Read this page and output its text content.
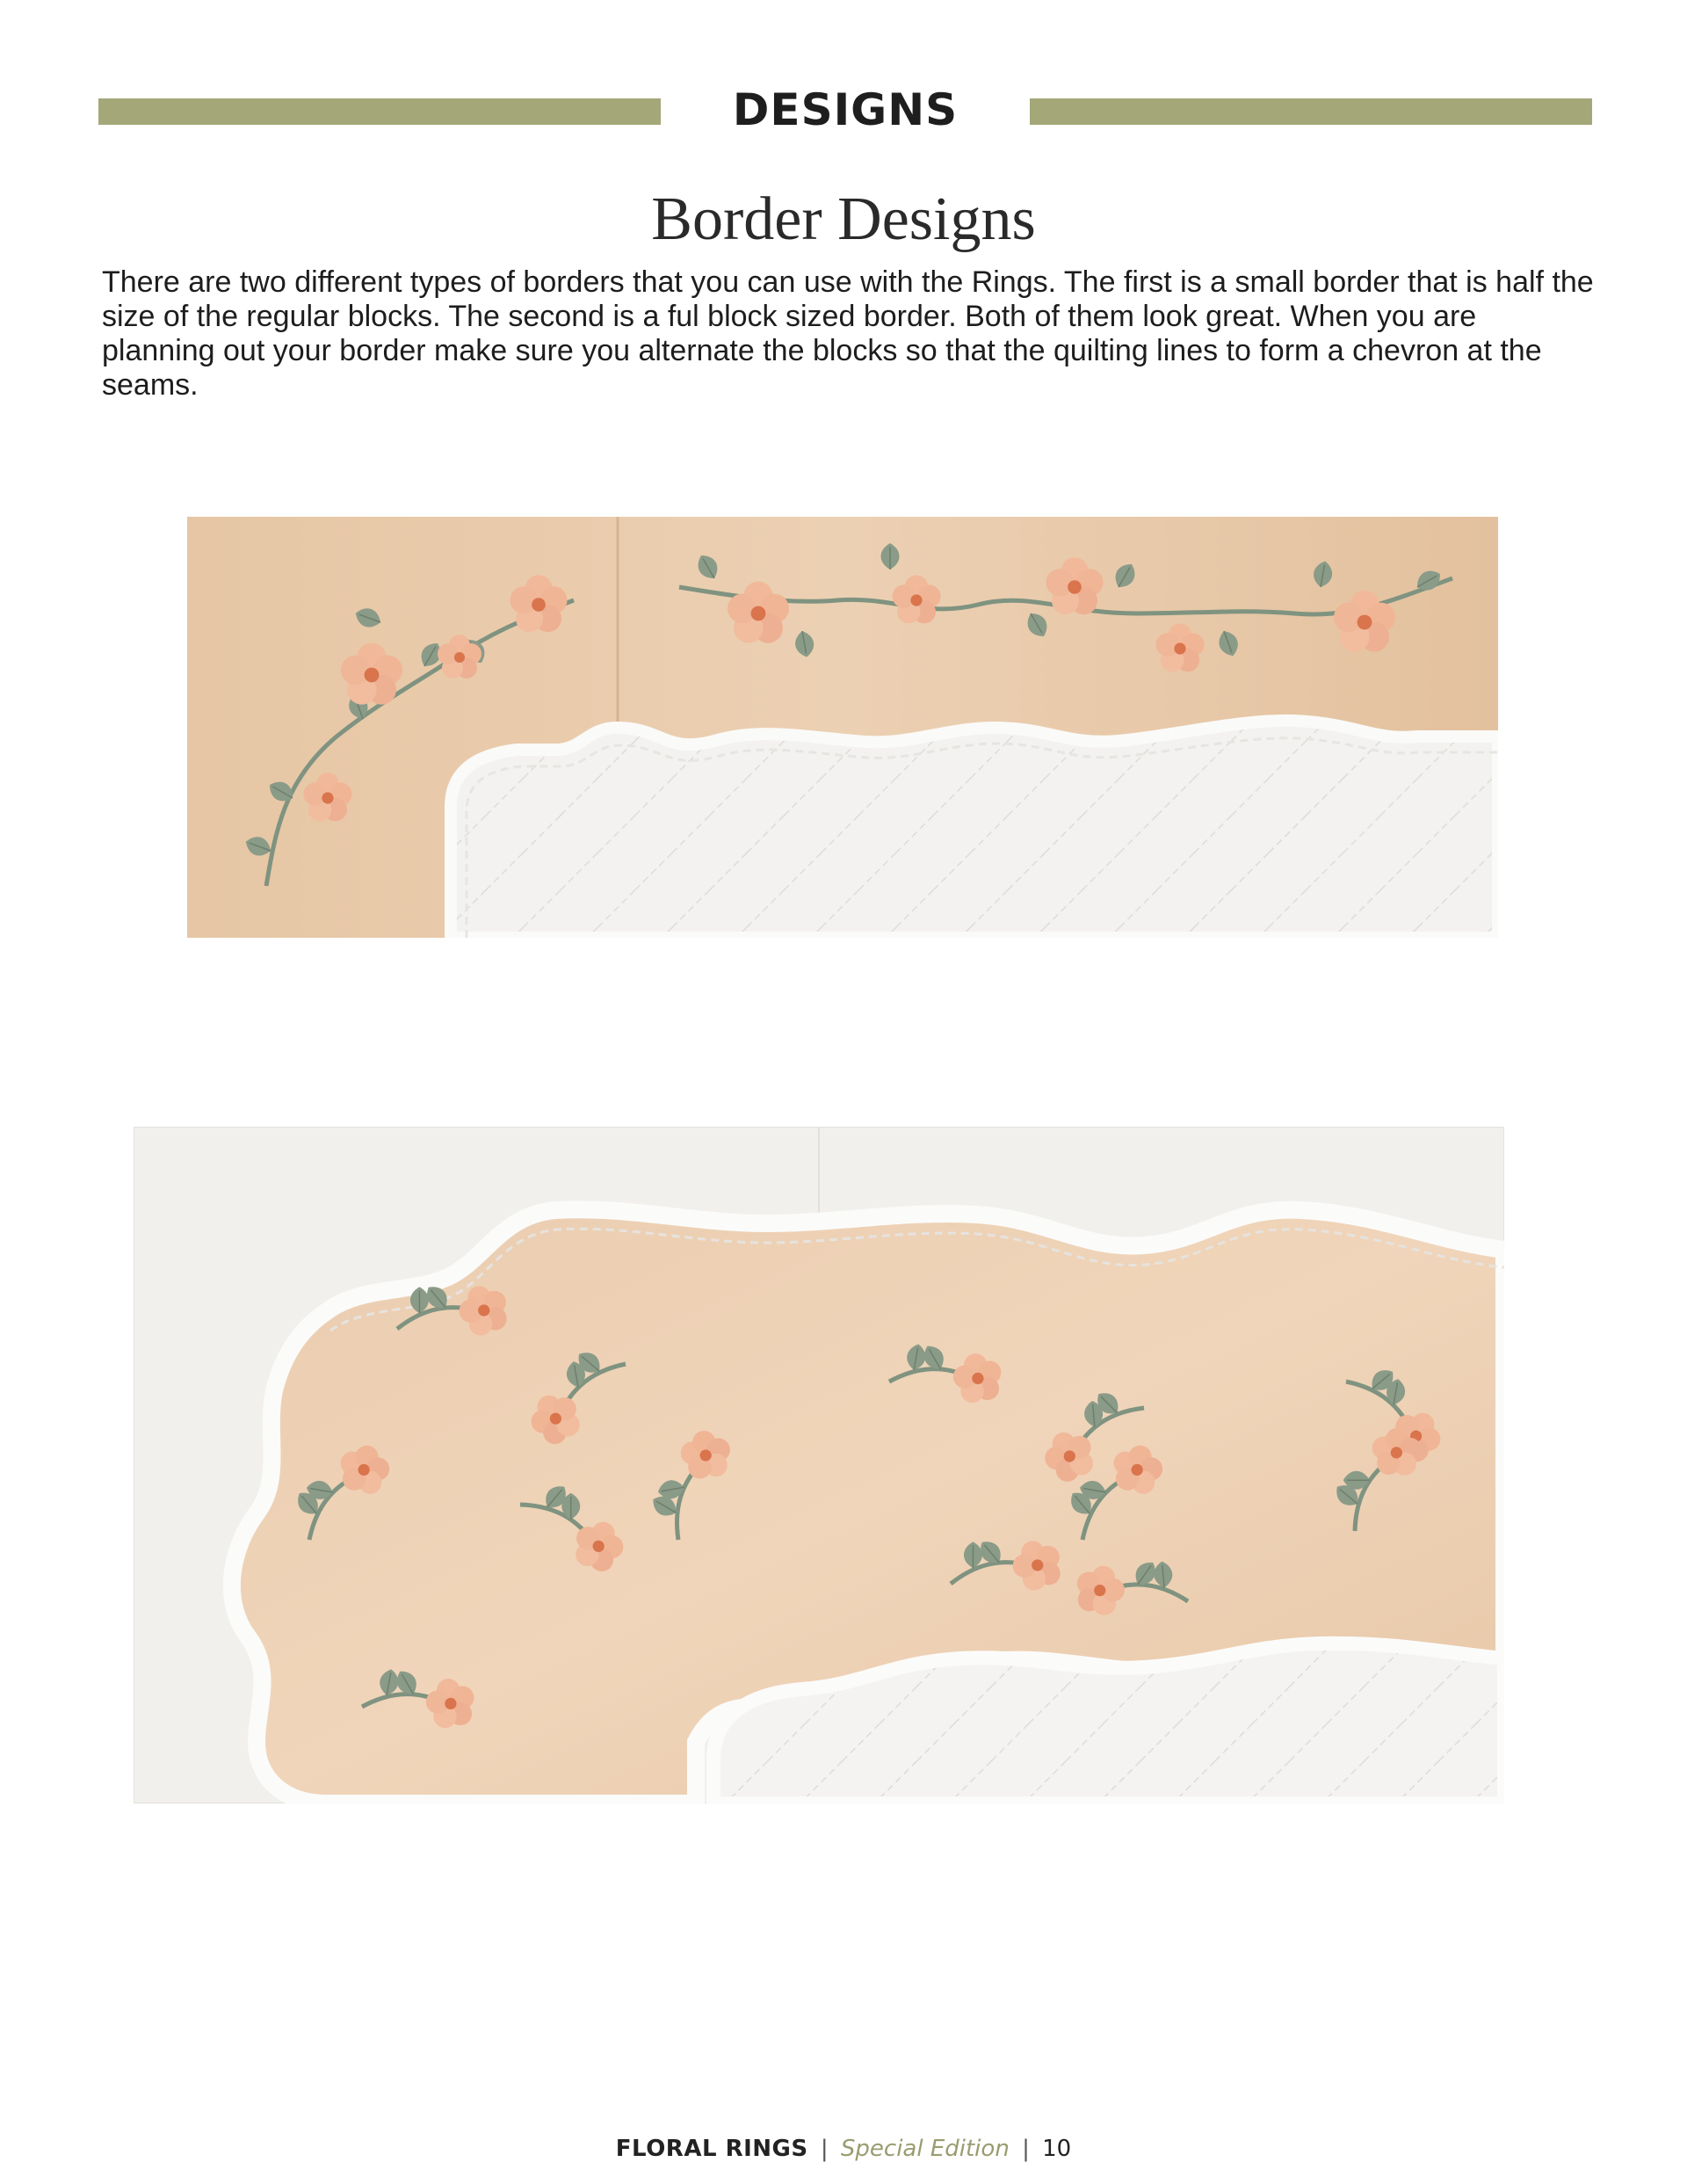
DESIGNS
Border Designs

There are two different types of borders that you can use with the Rings. The first is a small border that is half the size of the regular blocks. The second is a ful block sized border. Both of them look great. When you are planning out your border make sure you alternate the blocks so that the quilting lines to form a chevron at the seams.

FLORAL RINGS | Special Edition | 10
